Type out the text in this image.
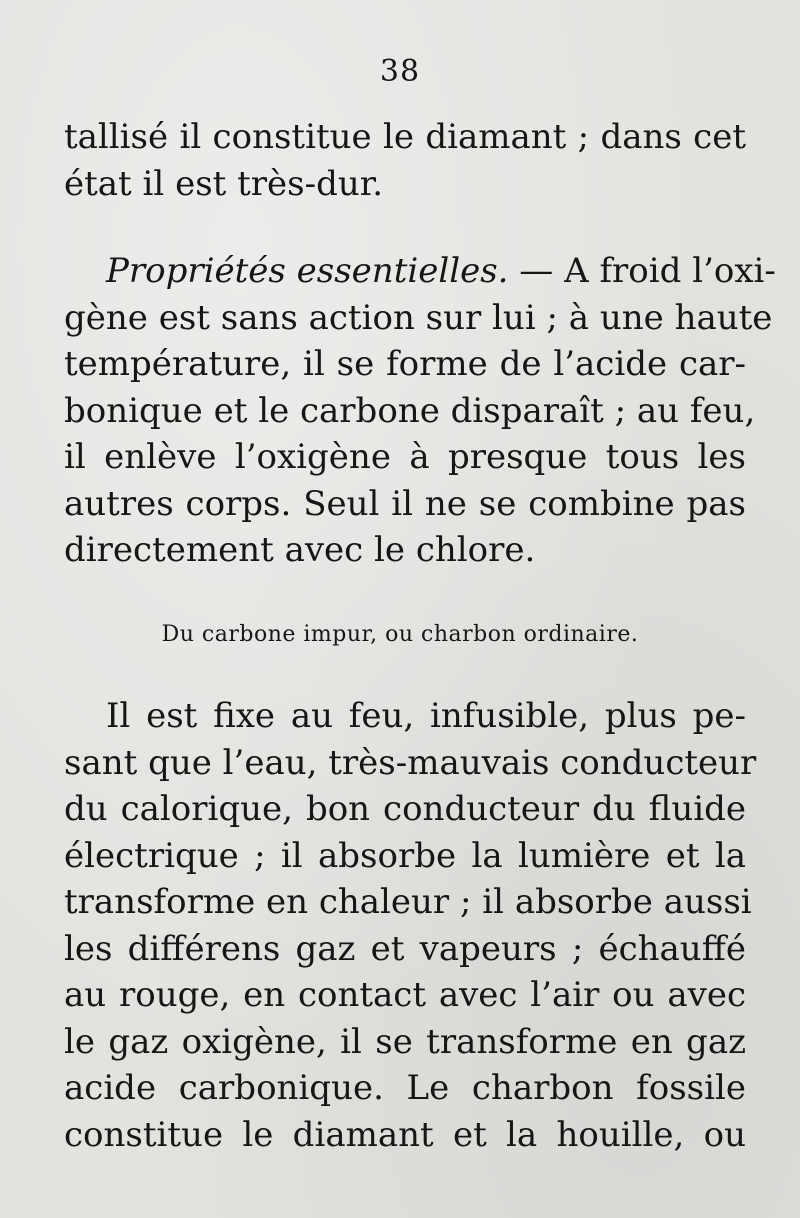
38
tallisé il constitue le diamant ; dans cet
état il est très-dur.
Propriétés essentielles. — A froid l’oxi-
gène est sans action sur lui ; à une haute
température, il se forme de l’acide car-
bonique et le carbone disparaît ; au feu,
il enlève l’oxigène à presque tous les
autres corps. Seul il ne se combine pas
directement avec le chlore.
Du carbone impur, ou charbon ordinaire.
Il est fixe au feu, infusible, plus pe-
sant que l’eau, très-mauvais conducteur
du calorique, bon conducteur du fluide
électrique ; il absorbe la lumière et la
transforme en chaleur ; il absorbe aussi
les différens gaz et vapeurs ; échauffé
au rouge, en contact avec l’air ou avec
le gaz oxigène, il se transforme en gaz
acide carbonique. Le charbon fossile
constitue le diamant et la houille, ou
